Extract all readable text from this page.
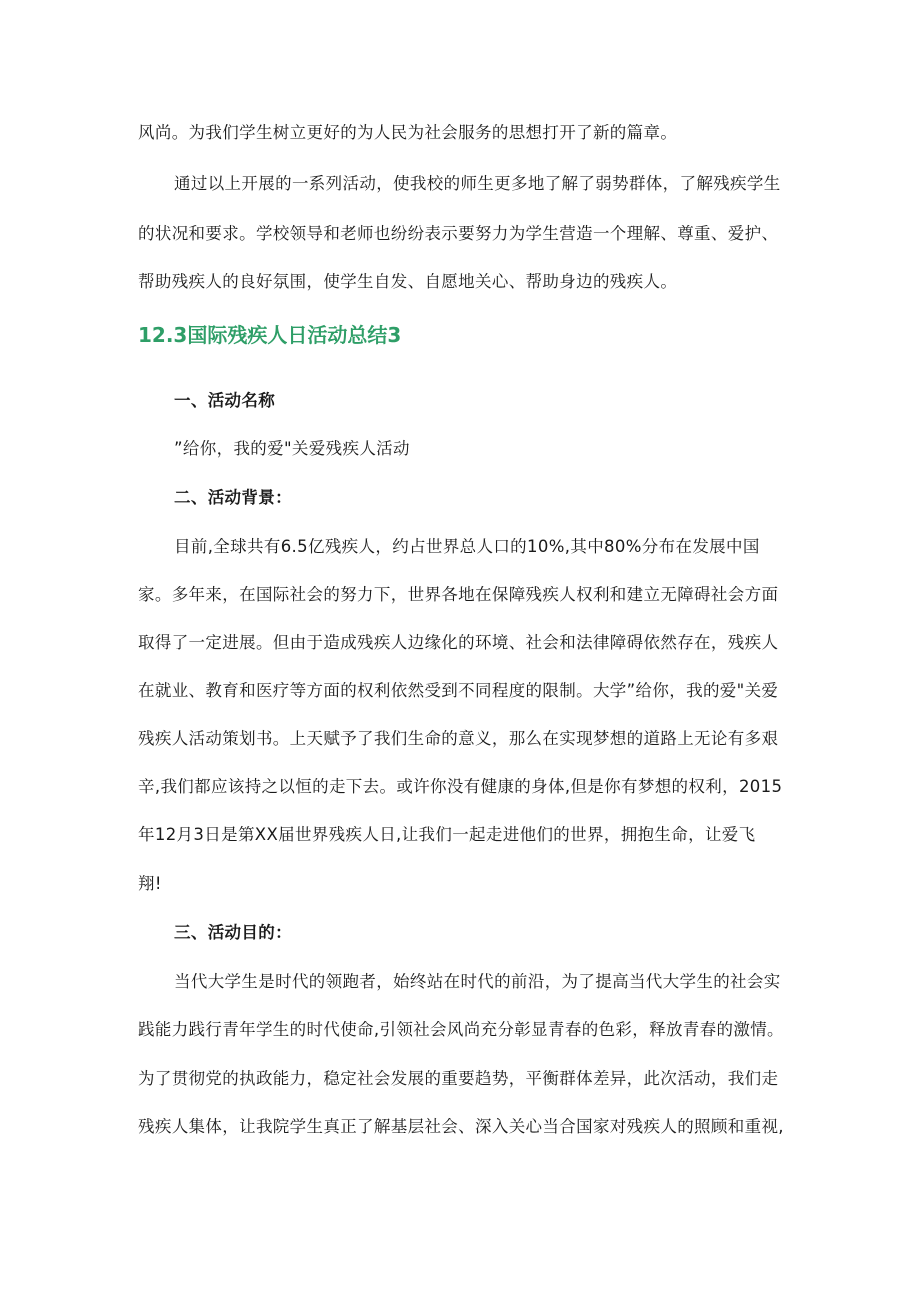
风尚。为我们学生树立更好的为人民为社会服务的思想打开了新的篇章。
通过以上开展的一系列活动，使我校的师生更多地了解了弱势群体，了解残疾学生
的状况和要求。学校领导和老师也纷纷表示要努力为学生营造一个理解、尊重、爱护、
帮助残疾人的良好氛围，使学生自发、自愿地关心、帮助身边的残疾人。
12.3国际残疾人日活动总结3
一、活动名称
”给你，我的爱"关爱残疾人活动
二、活动背景：
目前,全球共有6.5亿残疾人，约占世界总人口的10%,其中80%分布在发展中国
家。多年来，在国际社会的努力下，世界各地在保障残疾人权利和建立无障碍社会方面
取得了一定进展。但由于造成残疾人边缘化的环境、社会和法律障碍依然存在，残疾人
在就业、教育和医疗等方面的权利依然受到不同程度的限制。大学”给你，我的爱"关爱
残疾人活动策划书。上天赋予了我们生命的意义，那么在实现梦想的道路上无论有多艰
辛,我们都应该持之以恒的走下去。或许你没有健康的身体,但是你有梦想的权利，2015
年12月3日是第XX届世界残疾人日,让我们一起走进他们的世界，拥抱生命，让爱飞
翔!
三、活动目的：
当代大学生是时代的领跑者，始终站在时代的前沿，为了提高当代大学生的社会实
践能力践行青年学生的时代使命,引领社会风尚充分彰显青春的色彩，释放青春的激情。
为了贯彻党的执政能力，稳定社会发展的重要趋势，平衡群体差异，此次活动，我们走
残疾人集体，让我院学生真正了解基层社会、深入关心当合国家对残疾人的照顾和重视,
